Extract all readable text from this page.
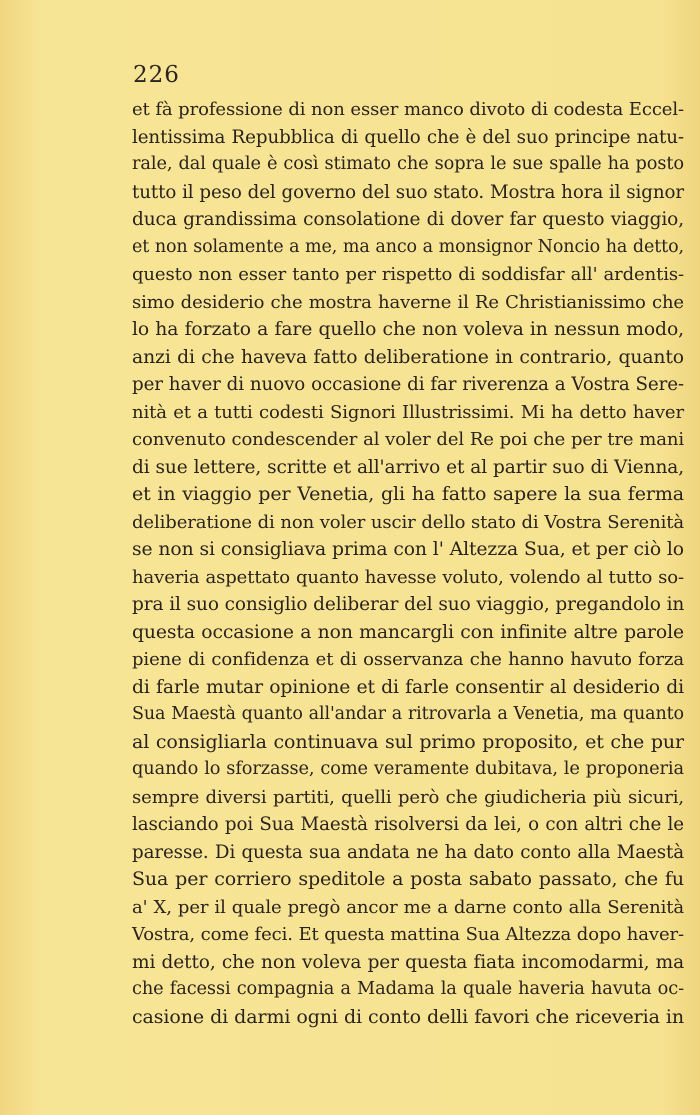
226
et fà professione di non esser manco divoto di codesta Eccel-
lentissima Repubblica di quello che è del suo principe natu-
rale, dal quale è così stimato che sopra le sue spalle ha posto
tutto il peso del governo del suo stato. Mostra hora il signor
duca grandissima consolatione di dover far questo viaggio,
et non solamente a me, ma anco a monsignor Noncio ha detto,
questo non esser tanto per rispetto di soddisfar all' ardentis-
simo desiderio che mostra haverne il Re Christianissimo che
lo ha forzato a fare quello che non voleva in nessun modo,
anzi di che haveva fatto deliberatione in contrario, quanto
per haver di nuovo occasione di far riverenza a Vostra Sere-
nità et a tutti codesti Signori Illustrissimi. Mi ha detto haver
convenuto condescender al voler del Re poi che per tre mani
di sue lettere, scritte et all'arrivo et al partir suo di Vienna,
et in viaggio per Venetia, gli ha fatto sapere la sua ferma
deliberatione di non voler uscir dello stato di Vostra Serenità
se non si consigliava prima con l' Altezza Sua, et per ciò lo
haveria aspettato quanto havesse voluto, volendo al tutto so-
pra il suo consiglio deliberar del suo viaggio, pregandolo in
questa occasione a non mancargli con infinite altre parole
piene di confidenza et di osservanza che hanno havuto forza
di farle mutar opinione et di farle consentir al desiderio di
Sua Maestà quanto all'andar a ritrovarla a Venetia, ma quanto
al consigliarla continuava sul primo proposito, et che pur
quando lo sforzasse, come veramente dubitava, le proponeria
sempre diversi partiti, quelli però che giudicheria più sicuri,
lasciando poi Sua Maestà risolversi da lei, o con altri che le
paresse. Di questa sua andata ne ha dato conto alla Maestà
Sua per corriero speditole a posta sabato passato, che fu
a' X, per il quale pregò ancor me a darne conto alla Serenità
Vostra, come feci. Et questa mattina Sua Altezza dopo haver-
mi detto, che non voleva per questa fiata incomodarmi, ma
che facessi compagnia a Madama la quale haveria havuta oc-
casione di darmi ogni di conto delli favori che riceveria in
